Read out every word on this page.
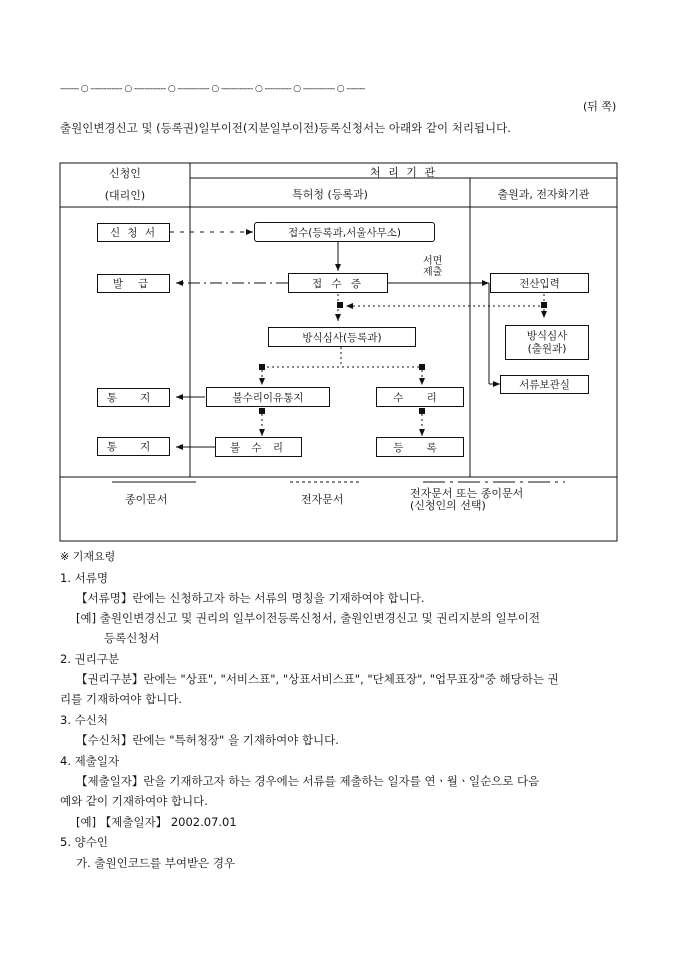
------- ○ ------------ ○ ------------ ○ ------------ ○ ------------ ○ ---------- ○ ------------ ○ -------
(뒤 쪽)
출원인변경신고 및 (등록권)일부이전(지분일부이전)등록신청서는 아래와 같이 처리됩니다.
신청인
(대리인)
처 리 기 관
특허청 (등록과)	출원과, 전자화기관
신 청 서	접수(등록과,서울사무소)
발 급	접 수 증
서면
제출
전산입력
방식심사(등록과)	방식심사
(출원과)
서류보관실
통 지	불수리이유통지	수 리
통 지	불 수 리	등 록
종이문서	전자문서	전자문서 또는 종이문서
(신청인의 선택)
※ 기재요령
1. 서류명
【서류명】란에는 신청하고자 하는 서류의 명칭을 기재하여야 합니다.
[예] 출원인변경신고 및 권리의 일부이전등록신청서, 출원인변경신고 및 권리지분의 일부이전
등록신청서
2. 권리구분
【권리구분】란에는 "상표", "서비스표", "상표서비스표", "단체표장", "업무표장"중 해당하는 권
리를 기재하여야 합니다.
3. 수신처
【수신처】란에는 "특허청장" 을 기재하여야 합니다.
4. 제출일자
【제출일자】란을 기재하고자 하는 경우에는 서류를 제출하는 일자를 연ㆍ월ㆍ일순으로 다음
예와 같이 기재하여야 합니다.
[예] 【제출일자】 2002.07.01
5. 양수인
가. 출원인코드를 부여받은 경우
